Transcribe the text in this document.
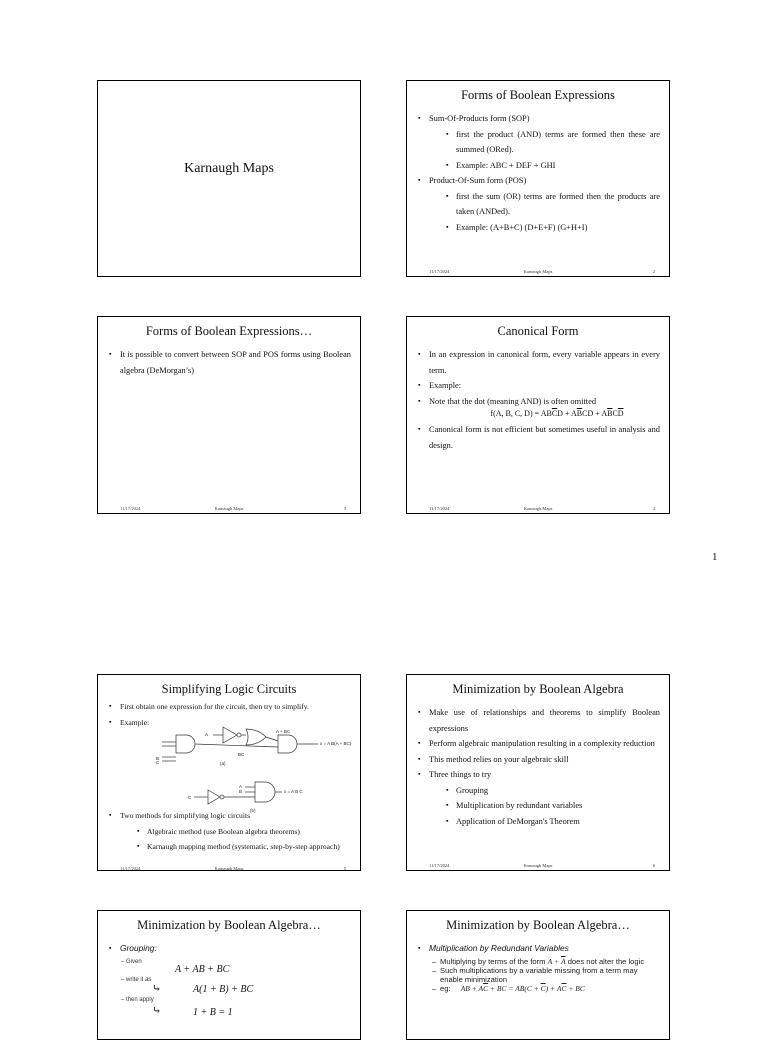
Karnaugh Maps
Forms of Boolean Expressions
▪ Sum-Of-Products form (SOP)
▪ first the product (AND) terms are formed then these are summed (ORed).
▪ Example: ABC + DEF + GHI
▪ Product-Of-Sum form (POS)
▪ first the sum (OR) terms are formed then the products are taken (ANDed).
▪ Example: (A+B+C) (D+E+F) (G+H+I)
11/17/2024	Karnaugh Maps	2
Forms of Boolean Expressions…
▪ It is possible to convert between SOP and POS forms using Boolean algebra (DeMorgan’s)
11/17/2024	Karnaugh Maps	3
Canonical Form
▪ In an expression in canonical form, every variable appears in every term.
▪ Example:
▪ Note that the dot (meaning AND) is often omitted
f(A, B, C, $D) = AB\overline{C}D + A\overline{B}CD + A\overline{B}C\overline{D}$
▪ Canonical form is not efficient but sometimes useful in analysis and design.
11/17/2024	Karnaugh Maps	4
1
Simplifying Logic Circuits
▪ First obtain one expression for the circuit, then try to simplify.
▪ Example:
A
B
C
BC
A + BC
x = A B(A + BC)
(a)
C
A
B	x = A B C
(b)
▪ Two methods for simplifying logic circuits
▪ Algebraic method (use Boolean algebra theorems)
▪ Karnaugh mapping method (systematic, step-by-step approach)
11/17/2024	Karnaugh Maps	5
Minimization by Boolean Algebra
▪ Make use of relationships and theorems to simplify Boolean expressions
▪ Perform algebraic manipulation resulting in a complexity reduction
▪ This method relies on your algebraic skill
▪ Three things to try
▪ Grouping
▪ Multiplication by redundant variables
▪ Application of DeMorgan's Theorem
11/17/2024	Karnaugh Maps	6
Minimization by Boolean Algebra…
▪ Grouping:
– Given
A + AB + BC
– write it as
⤷	A(1 + B) + BC
– then apply
⤷	1 + B = 1
Minimization by Boolean Algebra…
▪ Multiplication by Redundant Variables
– Multiplying by terms of the form $A + \overline{A}$ does not alter the logic
– Such multiplications by a variable missing from a term may enable minimization
– eg: AB + $A\overline{C}$ + BC = $AB(C + \overline{C}) + A\overline{C}$ + BC
